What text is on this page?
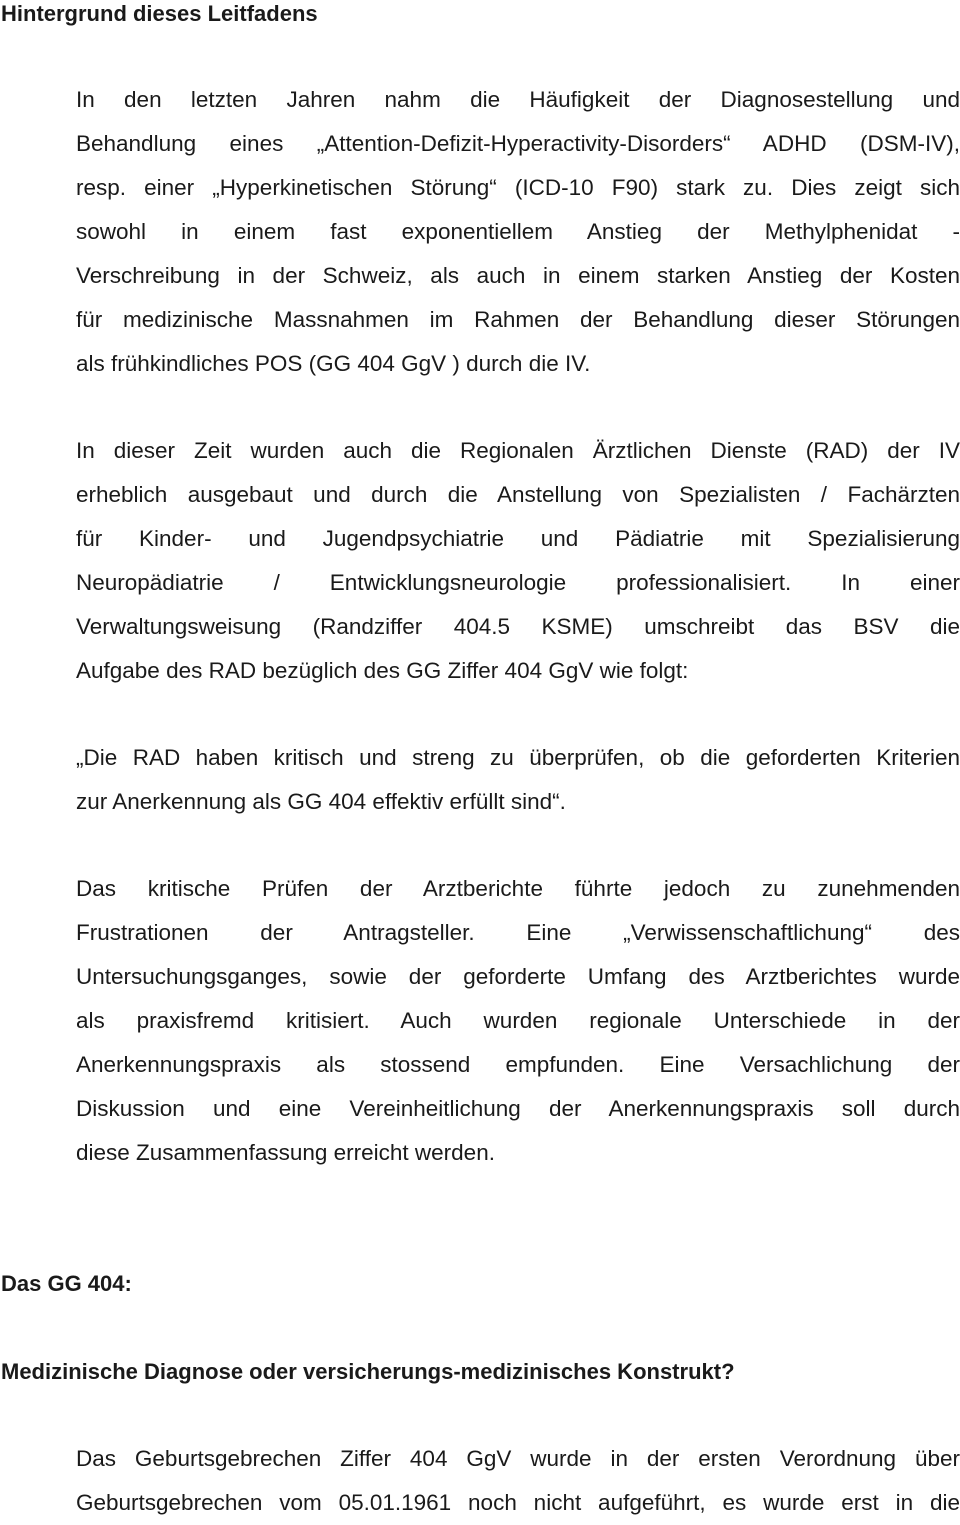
Hintergrund dieses Leitfadens
In den letzten Jahren nahm die Häufigkeit der Diagnosestellung und
Behandlung eines „Attention-Defizit-Hyperactivity-Disorders“ ADHD (DSM-IV),
resp. einer „Hyperkinetischen Störung“ (ICD-10 F90) stark zu. Dies zeigt sich
sowohl in einem fast exponentiellem Anstieg der Methylphenidat -
Verschreibung in der Schweiz, als auch in einem starken Anstieg der Kosten
für medizinische Massnahmen im Rahmen der Behandlung dieser Störungen
als frühkindliches POS (GG 404 GgV ) durch die IV.
In dieser Zeit wurden auch die Regionalen Ärztlichen Dienste (RAD) der IV
erheblich ausgebaut und durch die Anstellung von Spezialisten / Fachärzten
für Kinder- und Jugendpsychiatrie und Pädiatrie mit Spezialisierung
Neuropädiatrie / Entwicklungsneurologie professionalisiert. In einer
Verwaltungsweisung (Randziffer 404.5 KSME) umschreibt das BSV die
Aufgabe des RAD bezüglich des GG Ziffer 404 GgV wie folgt:
„Die RAD haben kritisch und streng zu überprüfen, ob die geforderten Kriterien
zur Anerkennung als GG 404 effektiv erfüllt sind“.
Das kritische Prüfen der Arztberichte führte jedoch zu zunehmenden
Frustrationen der Antragsteller. Eine „Verwissenschaftlichung“ des
Untersuchungsganges, sowie der geforderte Umfang des Arztberichtes wurde
als praxisfremd kritisiert. Auch wurden regionale Unterschiede in der
Anerkennungspraxis als stossend empfunden. Eine Versachlichung der
Diskussion und eine Vereinheitlichung der Anerkennungspraxis soll durch
diese Zusammenfassung erreicht werden.
Das GG 404:
Medizinische Diagnose oder versicherungs-medizinisches Konstrukt?
Das Geburtsgebrechen Ziffer 404 GgV wurde in der ersten Verordnung über
Geburtsgebrechen vom 05.01.1961 noch nicht aufgeführt, es wurde erst in die
